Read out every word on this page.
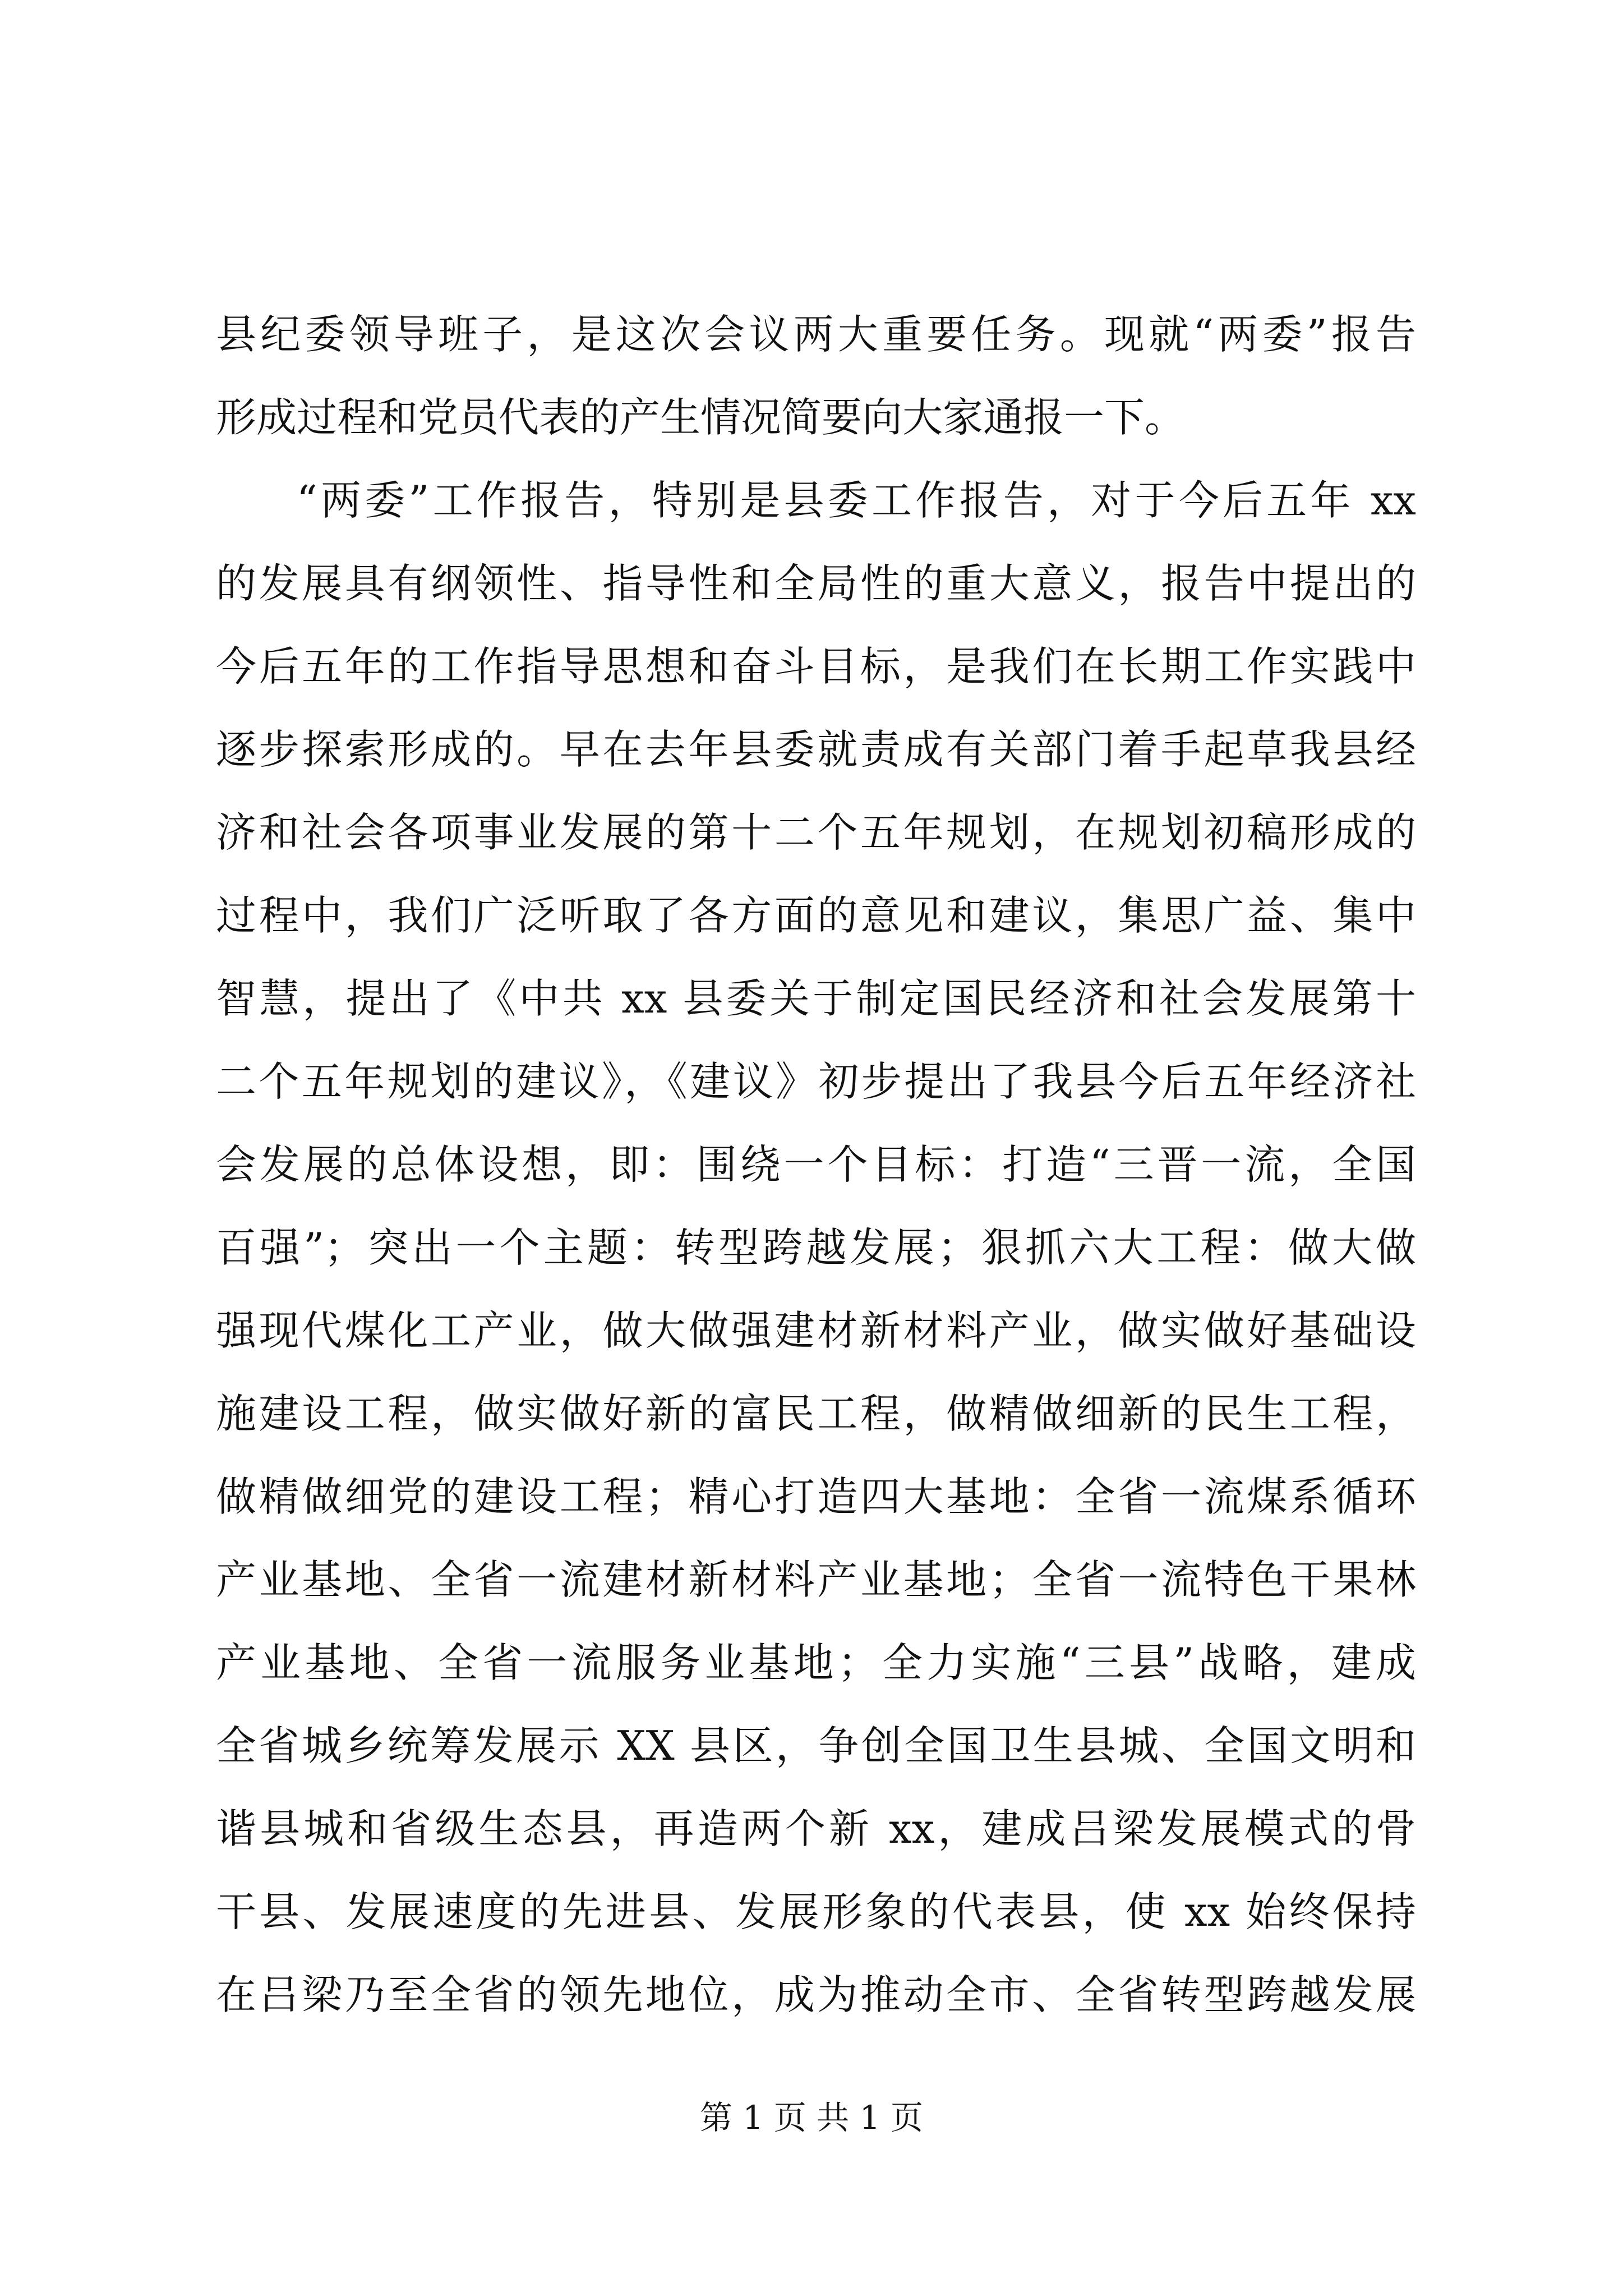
县纪委领导班子，是这次会议两大重要任务。现就“两委”报告
形成过程和党员代表的产生情况简要向大家通报一下。
“两委”工作报告，特别是县委工作报告，对于今后五年 xx
的发展具有纲领性、指导性和全局性的重大意义，报告中提出的
今后五年的工作指导思想和奋斗目标，是我们在长期工作实践中
逐步探索形成的。早在去年县委就责成有关部门着手起草我县经
济和社会各项事业发展的第十二个五年规划，在规划初稿形成的
过程中，我们广泛听取了各方面的意见和建议，集思广益、集中
智慧，提出了《中共 xx 县委关于制定国民经济和社会发展第十
二个五年规划的建议》，《建议》初步提出了我县今后五年经济社
会发展的总体设想，即：围绕一个目标：打造“三晋一流，全国
百强”；突出一个主题：转型跨越发展；狠抓六大工程：做大做
强现代煤化工产业，做大做强建材新材料产业，做实做好基础设
施建设工程，做实做好新的富民工程，做精做细新的民生工程，
做精做细党的建设工程；精心打造四大基地：全省一流煤系循环
产业基地、全省一流建材新材料产业基地；全省一流特色干果林
产业基地、全省一流服务业基地；全力实施“三县”战略，建成
全省城乡统筹发展示 XX 县区，争创全国卫生县城、全国文明和
谐县城和省级生态县，再造两个新 xx，建成吕梁发展模式的骨
干县、发展速度的先进县、发展形象的代表县，使 xx 始终保持
在吕梁乃至全省的领先地位，成为推动全市、全省转型跨越发展
第 1 页 共 1 页
